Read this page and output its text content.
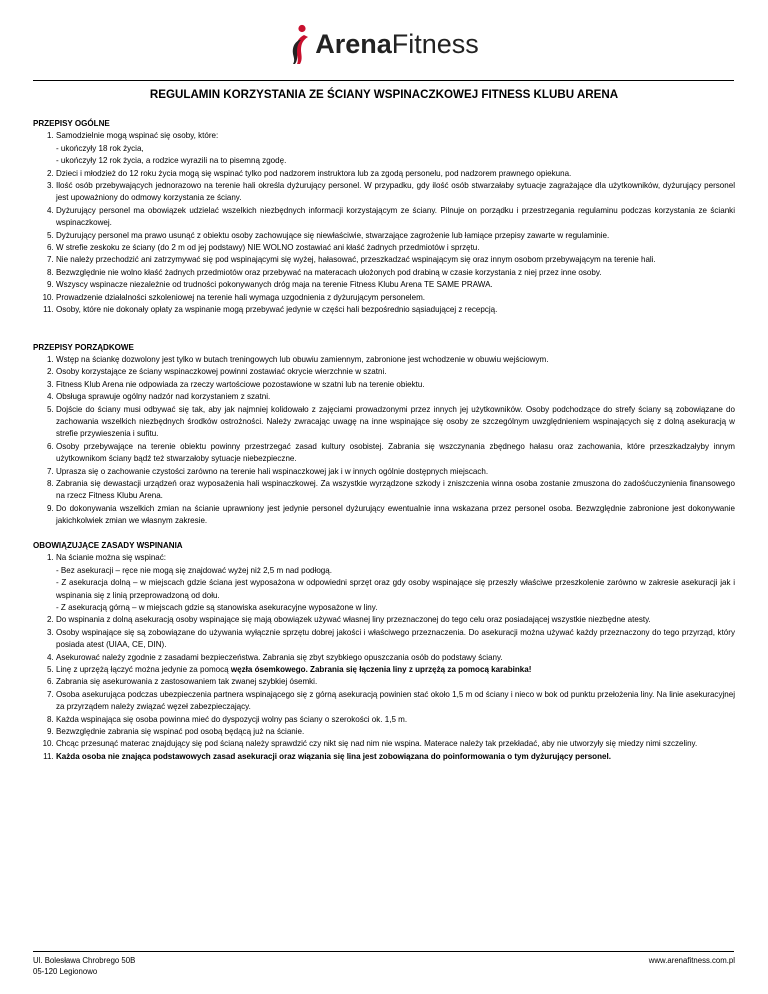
ArenaFitness
REGULAMIN KORZYSTANIA ZE ŚCIANY WSPINACZKOWEJ FITNESS KLUBU ARENA
PRZEPISY OGÓLNE
1. Samodzielnie mogą wspinać się osoby, które:
- ukończyły 18 rok życia,
- ukończyły 12 rok życia, a rodzice wyrazili na to pisemną zgodę.
2. Dzieci i młodzież do 12 roku życia mogą się wspinać tylko pod nadzorem instruktora lub za zgodą personelu, pod nadzorem prawnego opiekuna.
3. Ilość osób przebywających jednorazowo na terenie hali określa dyżurujący personel. W przypadku, gdy ilość osób stwarzałaby sytuacje zagrażające dla użytkowników, dyżurujący personel jest upoważniony do odmowy korzystania ze ściany.
4. Dyżurujący personel ma obowiązek udzielać wszelkich niezbędnych informacji korzystającym ze ściany. Pilnuje on porządku i przestrzegania regulaminu podczas korzystania ze ścianki wspinaczkowej.
5. Dyżurujący personel ma prawo usunąć z obiektu osoby zachowujące się niewłaściwie, stwarzające zagrożenie lub łamiące przepisy zawarte w regulaminie.
6. W strefie zeskoku ze ściany (do 2 m od jej podstawy) NIE WOLNO zostawiać ani kłaść żadnych przedmiotów i sprzętu.
7. Nie należy przechodzić ani zatrzymywać się pod wspinającymi się wyżej, hałasować, przeszkadzać wspinającym się oraz innym osobom przebywającym na terenie hali.
8. Bezwzględnie nie wolno kłaść żadnych przedmiotów oraz przebywać na materacach ułożonych pod drabiną w czasie korzystania z niej przez inne osoby.
9. Wszyscy wspinacze niezależnie od trudności pokonywanych dróg maja na terenie Fitness Klubu Arena TE SAME PRAWA.
10. Prowadzenie działalności szkoleniowej na terenie hali wymaga uzgodnienia z dyżurującym personelem.
11. Osoby, które nie dokonały opłaty za wspinanie mogą przebywać jedynie w części hali bezpośrednio sąsiadującej z recepcją.
PRZEPISY PORZĄDKOWE
1. Wstęp na ściankę dozwolony jest tylko w butach treningowych lub obuwiu zamiennym, zabronione jest wchodzenie w obuwiu wejściowym.
2. Osoby korzystające ze ściany wspinaczkowej powinni zostawiać okrycie wierzchnie w szatni.
3. Fitness Klub Arena nie odpowiada za rzeczy wartościowe pozostawione w szatni lub na terenie obiektu.
4. Obsługa sprawuje ogólny nadzór nad korzystaniem z szatni.
5. Dojście do ściany musi odbywać się tak, aby jak najmniej kolidowało z zajęciami prowadzonymi przez innych jej użytkowników. Osoby podchodzące do strefy ściany są zobowiązane do zachowania wszelkich niezbędnych środków ostrożności. Należy zwracając uwagę na inne wspinające się osoby ze szczególnym uwzględnieniem wspinających się z dolną asekuracją w strefie przywieszenia i sufitu.
6. Osoby przebywające na terenie obiektu powinny przestrzegać zasad kultury osobistej. Zabrania się wszczynania zbędnego hałasu oraz zachowania, które przeszkadzałyby innym użytkownikom ściany bądź też stwarzałoby sytuacje niebezpieczne.
7. Uprasza się o zachowanie czystości zarówno na terenie hali wspinaczkowej jak i w innych ogólnie dostępnych miejscach.
8. Zabrania się dewastacji urządzeń oraz wyposażenia hali wspinaczkowej. Za wszystkie wyrządzone szkody i zniszczenia winna osoba zostanie zmuszona do zadośćuczynienia finansowego na rzecz Fitness Klubu Arena.
9. Do dokonywania wszelkich zmian na ścianie uprawniony jest jedynie personel dyżurujący ewentualnie inna wskazana przez personel osoba. Bezwzględnie zabronione jest dokonywanie jakichkolwiek zmian we własnym zakresie.
OBOWIĄZUJĄCE ZASADY WSPINANIA
1. Na ścianie można się wspinać:
- Bez asekuracji – ręce nie mogą się znajdować wyżej niż 2,5 m nad podłogą.
- Z asekuracja dolną – w miejscach gdzie ściana jest wyposażona w odpowiedni sprzęt oraz gdy osoby wspinające się przeszły właściwe przeszkolenie zarówno w zakresie asekuracji jak i wspinania się z linią przeprowadzoną od dołu.
- Z asekuracją górną – w miejscach gdzie są stanowiska asekuracyjne wyposażone w liny.
2. Do wspinania z dolną asekuracją osoby wspinające się mają obowiązek używać własnej liny przeznaczonej do tego celu oraz posiadającej wszystkie niezbędne atesty.
3. Osoby wspinające się są zobowiązane do używania wyłącznie sprzętu dobrej jakości i właściwego przeznaczenia. Do asekuracji można używać każdy przeznaczony do tego przyrząd, który posiada atest (UIAA, CE, DIN).
4. Asekurować należy zgodnie z zasadami bezpieczeństwa. Zabrania się zbyt szybkiego opuszczania osób do podstawy ściany.
5. Linę z uprzężą łączyć można jedynie za pomocą węzła ósemkowego. Zabrania się łączenia liny z uprzężą za pomocą karabinka!
6. Zabrania się asekurowania z zastosowaniem tak zwanej szybkiej ósemki.
7. Osoba asekurująca podczas ubezpieczenia partnera wspinającego się z górną asekuracją powinien stać około 1,5 m od ściany i nieco w bok od punktu przełożenia liny. Na linie asekuracyjnej za przyrządem należy związać węzeł zabezpieczający.
8. Każda wspinająca się osoba powinna mieć do dyspozycji wolny pas ściany o szerokości ok. 1,5 m.
9. Bezwzględnie zabrania się wspinać pod osobą będącą już na ścianie.
10. Chcąc przesunąć materac znajdujący się pod ścianą należy sprawdzić czy nikt się nad nim nie wspina. Materace należy tak przekładać, aby nie utworzyły się miedzy nimi szczeliny.
11. Każda osoba nie znająca podstawowych zasad asekuracji oraz wiązania się lina jest zobowiązana do poinformowania o tym dyżurujący personel.
Ul. Bolesława Chrobrego 50B
05-120 Legionowo
www.arenafitness.com.pl
